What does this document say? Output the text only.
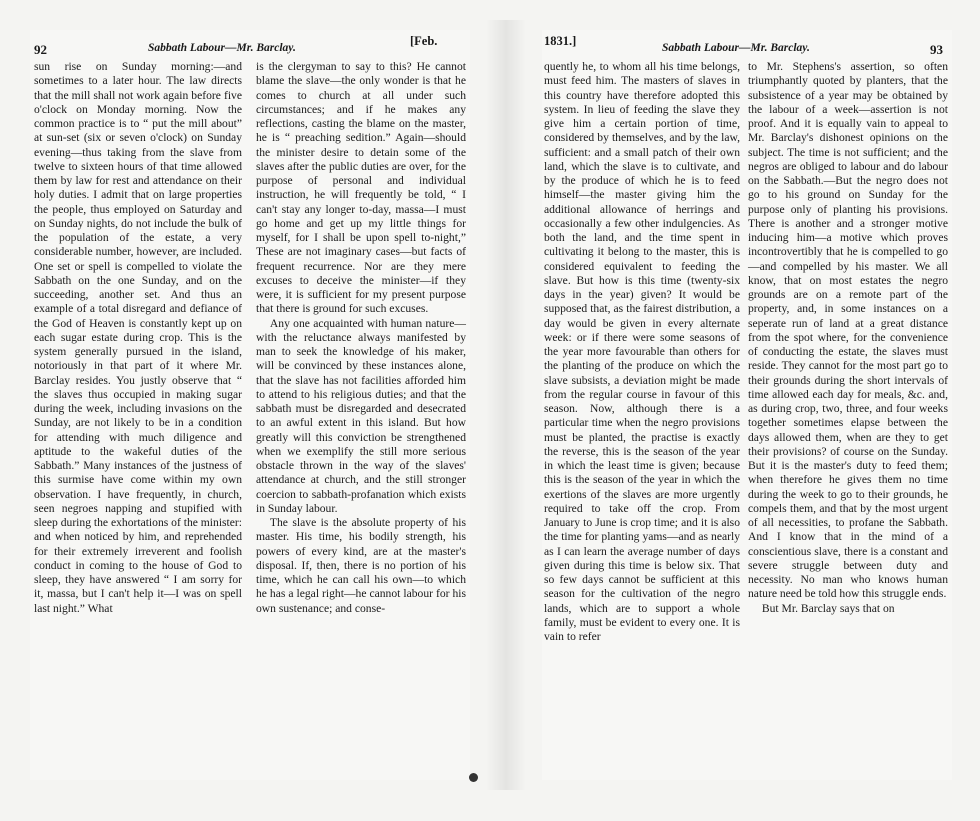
92	Sabbath Labour—Mr. Barclay.	[Feb.

sun rise on Sunday morning:—and sometimes to a later hour. The law directs that the mill shall not work again before five o'clock on Monday morning. Now the common practice is to “ put the mill about” at sun-set (six or seven o'clock) on Sunday evening—thus taking from the slave from twelve to sixteen hours of that time allowed them by law for rest and attendance on their holy duties. I admit that on large properties the people, thus employed on Saturday and on Sunday nights, do not include the bulk of the population of the estate, a very considerable number, however, are included. One set or spell is compelled to violate the Sabbath on the one Sunday, and on the succeeding, another set. And thus an example of a total disregard and defiance of the God of Heaven is constantly kept up on each sugar estate during crop. This is the system generally pursued in the island, notoriously in that part of it where Mr. Barclay resides. You justly observe that “ the slaves thus occupied in making sugar during the week, including invasions on the Sunday, are not likely to be in a condition for attending with much diligence and aptitude to the wakeful duties of the Sabbath.” Many instances of the justness of this surmise have come within my own observation. I have frequently, in church, seen negroes napping and stupified with sleep during the exhortations of the minister: and when noticed by him, and reprehended for their extremely irreverent and foolish conduct in coming to the house of God to sleep, they have answered “ I am sorry for it, massa, but I can't help it—I was on spell last night.” What

is the clergyman to say to this? He cannot blame the slave—the only wonder is that he comes to church at all under such circumstances; and if he makes any reflections, casting the blame on the master, he is “ preaching sedition.” Again—should the minister desire to detain some of the slaves after the public duties are over, for the purpose of personal and individual instruction, he will frequently be told, “ I can't stay any longer to-day, massa—I must go home and get up my little things for myself, for I shall be upon spell to-night,” These are not imaginary cases—but facts of frequent recurrence. Nor are they mere excuses to deceive the minister—if they were, it is sufficient for my present purpose that there is ground for such excuses.

Any one acquainted with human nature—with the reluctance always manifested by man to seek the knowledge of his maker, will be convinced by these instances alone, that the slave has not facilities afforded him to attend to his religious duties; and that the sabbath must be disregarded and desecrated to an awful extent in this island. But how greatly will this conviction be strengthened when we exemplify the still more serious obstacle thrown in the way of the slaves' attendance at church, and the still stronger coercion to sabbath-profanation which exists in Sunday labour.

The slave is the absolute property of his master. His time, his bodily strength, his powers of every kind, are at the master's disposal. If, then, there is no portion of his time, which he can call his own—to which he has a legal right—he cannot labour for his own sustenance; and conse-

1831.]	Sabbath Labour—Mr. Barclay.	93

quently he, to whom all his time belongs, must feed him. The masters of slaves in this country have therefore adopted this system. In lieu of feeding the slave they give him a certain portion of time, considered by themselves, and by the law, sufficient: and a small patch of their own land, which the slave is to cultivate, and by the produce of which he is to feed himself—the master giving him the additional allowance of herrings and occasionally a few other indulgencies. As both the land, and the time spent in cultivating it belong to the master, this is considered equivalent to feeding the slave. But how is this time (twenty-six days in the year) given? It would be supposed that, as the fairest distribution, a day would be given in every alternate week: or if there were some seasons of the year more favourable than others for the planting of the produce on which the slave subsists, a deviation might be made from the regular course in favour of this season. Now, although there is a particular time when the negro provisions must be planted, the practise is exactly the reverse, this is the season of the year in which the least time is given; because this is the season of the year in which the exertions of the slaves are more urgently required to take off the crop. From January to June is crop time; and it is also the time for planting yams—and as nearly as I can learn the average number of days given during this time is below six. That so few days cannot be sufficient at this season for the cultivation of the negro lands, which are to support a whole family, must be evident to every one. It is vain to refer

to Mr. Stephens's assertion, so often triumphantly quoted by planters, that the subsistence of a year may be obtained by the labour of a week—assertion is not proof. And it is equally vain to appeal to Mr. Barclay's dishonest opinions on the subject. The time is not sufficient; and the negros are obliged to labour and do labour on the Sabbath.—But the negro does not go to his ground on Sunday for the purpose only of planting his provisions. There is another and a stronger motive inducing him—a motive which proves incontrovertibly that he is compelled to go—and compelled by his master. We all know, that on most estates the negro grounds are on a remote part of the property, and, in some instances on a seperate run of land at a great distance from the spot where, for the convenience of conducting the estate, the slaves must reside. They cannot for the most part go to their grounds during the short intervals of time allowed each day for meals, &c. and, as during crop, two, three, and four weeks together sometimes elapse between the days allowed them, when are they to get their provisions? of course on the Sunday. But it is the master's duty to feed them; when therefore he gives them no time during the week to go to their grounds, he compels them, and that by the most urgent of all necessities, to profane the Sabbath. And I know that in the mind of a conscientious slave, there is a constant and severe struggle between duty and necessity. No man who knows human nature need be told how this struggle ends.

But Mr. Barclay says that on
